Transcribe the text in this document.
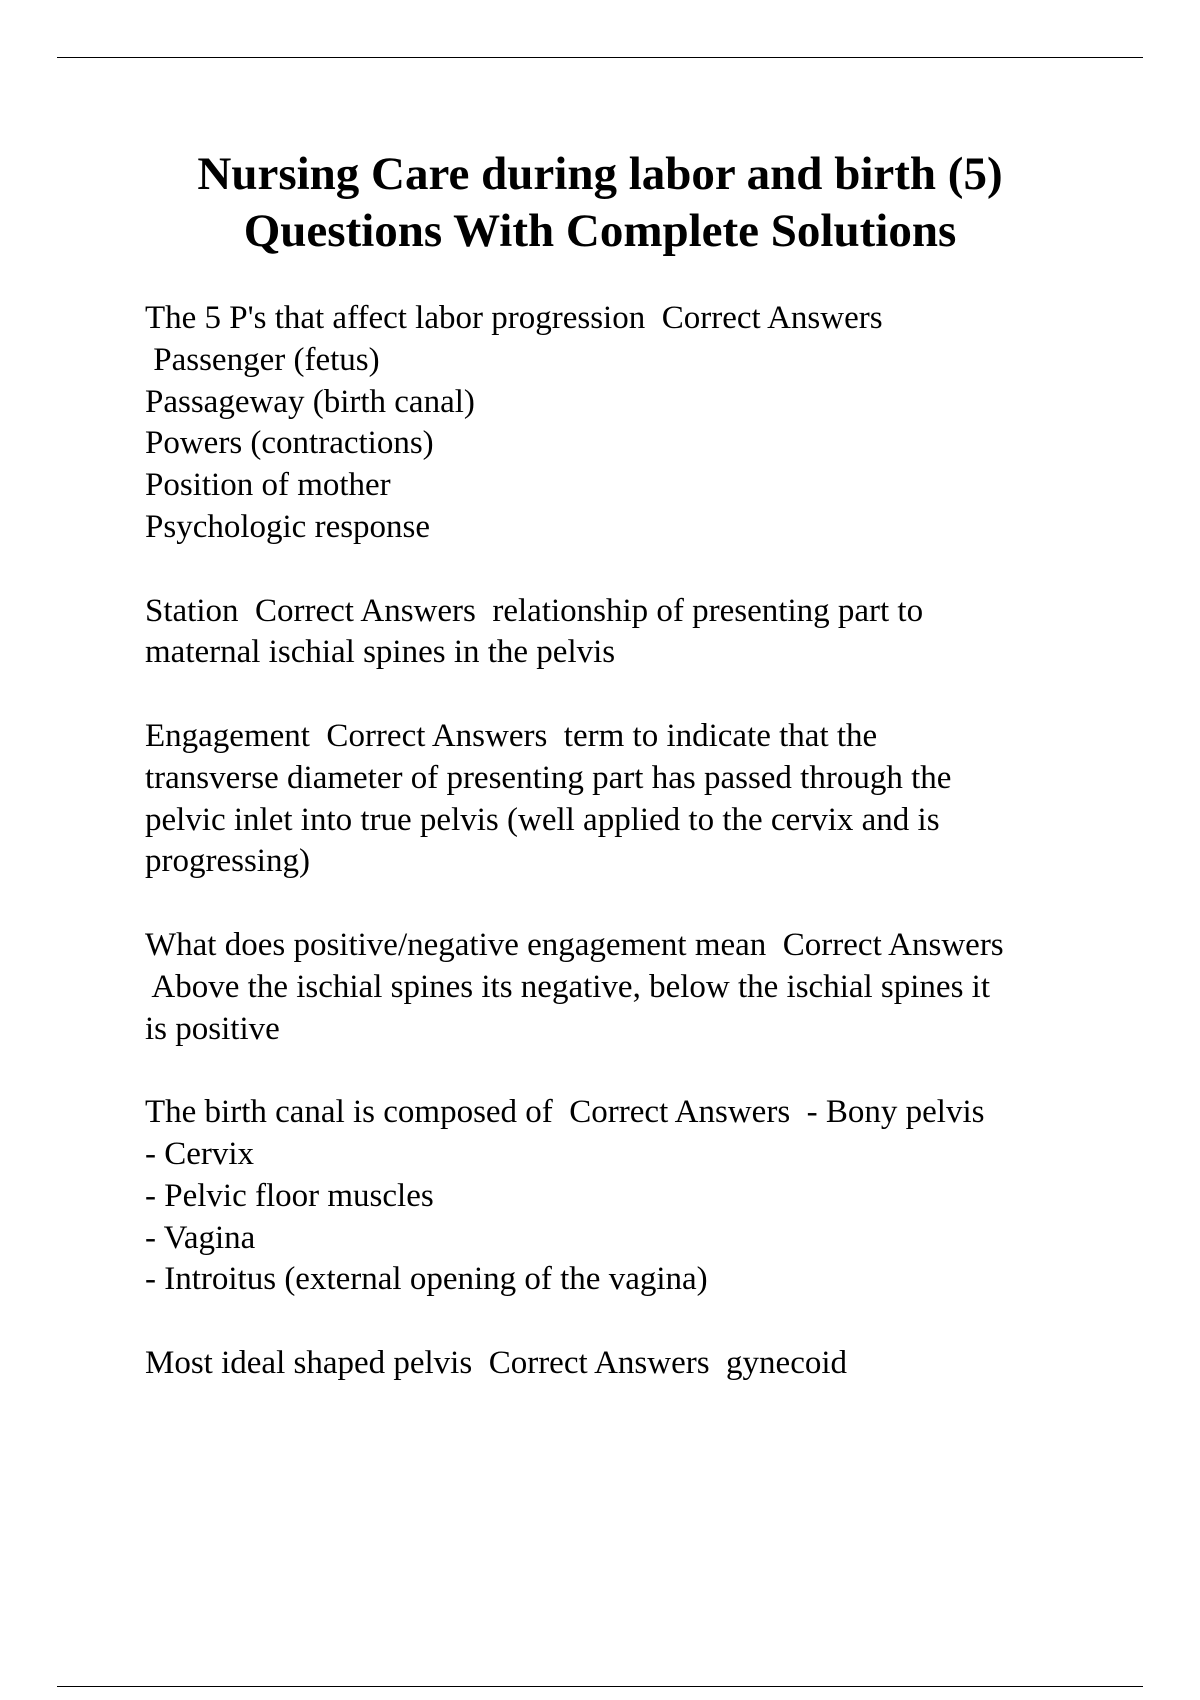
Nursing Care during labor and birth (5)
Questions With Complete Solutions

The 5 P's that affect labor progression  Correct Answers
Passenger (fetus)
Passageway (birth canal)
Powers (contractions)
Position of mother
Psychologic response

Station  Correct Answers  relationship of presenting part to
maternal ischial spines in the pelvis

Engagement  Correct Answers  term to indicate that the
transverse diameter of presenting part has passed through the
pelvic inlet into true pelvis (well applied to the cervix and is
progressing)

What does positive/negative engagement mean  Correct Answers
Above the ischial spines its negative, below the ischial spines it
is positive

The birth canal is composed of  Correct Answers  - Bony pelvis
- Cervix
- Pelvic floor muscles
- Vagina
- Introitus (external opening of the vagina)

Most ideal shaped pelvis  Correct Answers  gynecoid
